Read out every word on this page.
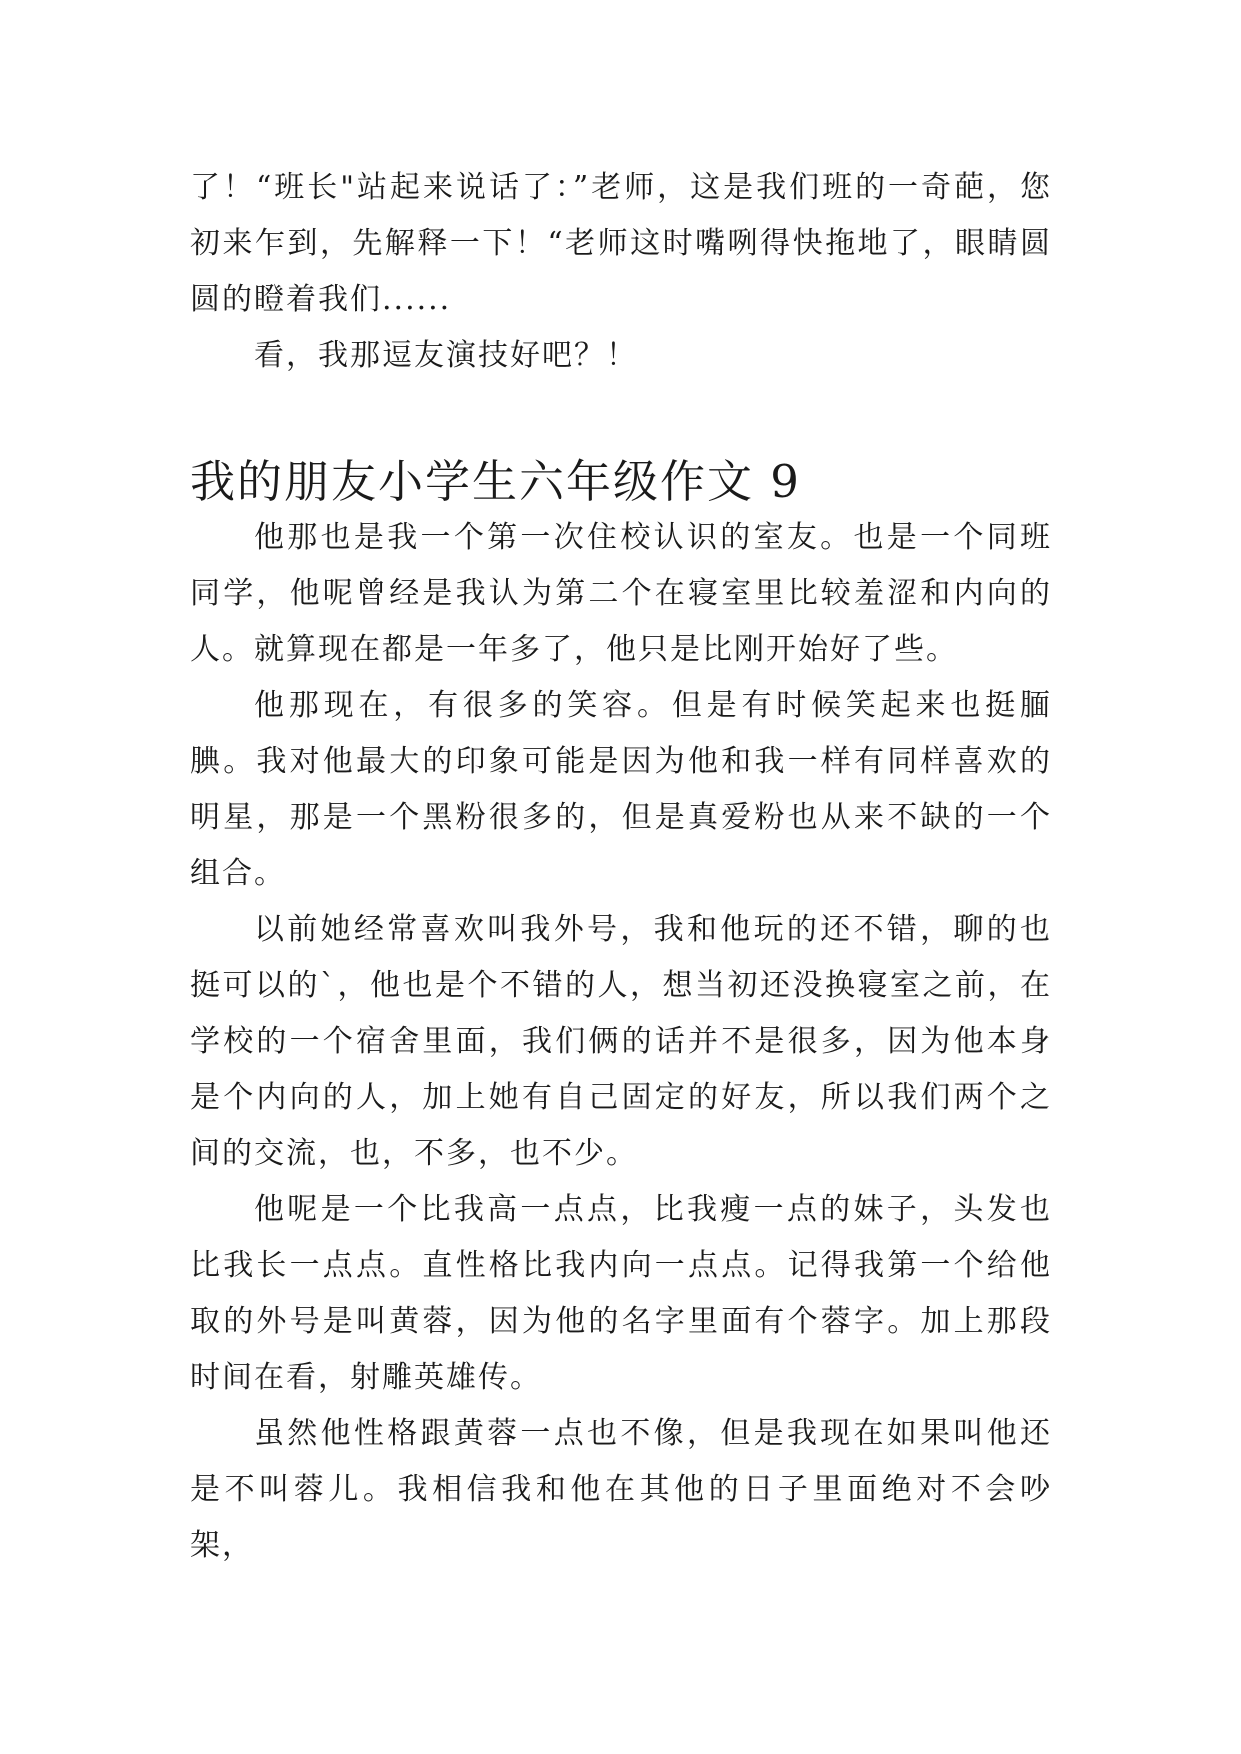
了！“班长"站起来说话了：”老师，这是我们班的一奇葩，您初来乍到，先解释一下！“老师这时嘴咧得快拖地了，眼睛圆圆的瞪着我们......

看，我那逗友演技好吧？！

我的朋友小学生六年级作文 9

他那也是我一个第一次住校认识的室友。也是一个同班同学，他呢曾经是我认为第二个在寝室里比较羞涩和内向的人。就算现在都是一年多了，他只是比刚开始好了些。

他那现在，有很多的笑容。但是有时候笑起来也挺腼腆。我对他最大的印象可能是因为他和我一样有同样喜欢的明星，那是一个黑粉很多的，但是真爱粉也从来不缺的一个组合。

以前她经常喜欢叫我外号，我和他玩的还不错，聊的也挺可以的`，他也是个不错的人，想当初还没换寝室之前，在学校的一个宿舍里面，我们俩的话并不是很多，因为他本身是个内向的人，加上她有自己固定的好友，所以我们两个之间的交流，也，不多，也不少。

他呢是一个比我高一点点，比我瘦一点的妹子，头发也比我长一点点。直性格比我内向一点点。记得我第一个给他取的外号是叫黄蓉，因为他的名字里面有个蓉字。加上那段时间在看，射雕英雄传。

虽然他性格跟黄蓉一点也不像，但是我现在如果叫他还是不叫蓉儿。我相信我和他在其他的日子里面绝对不会吵架，
